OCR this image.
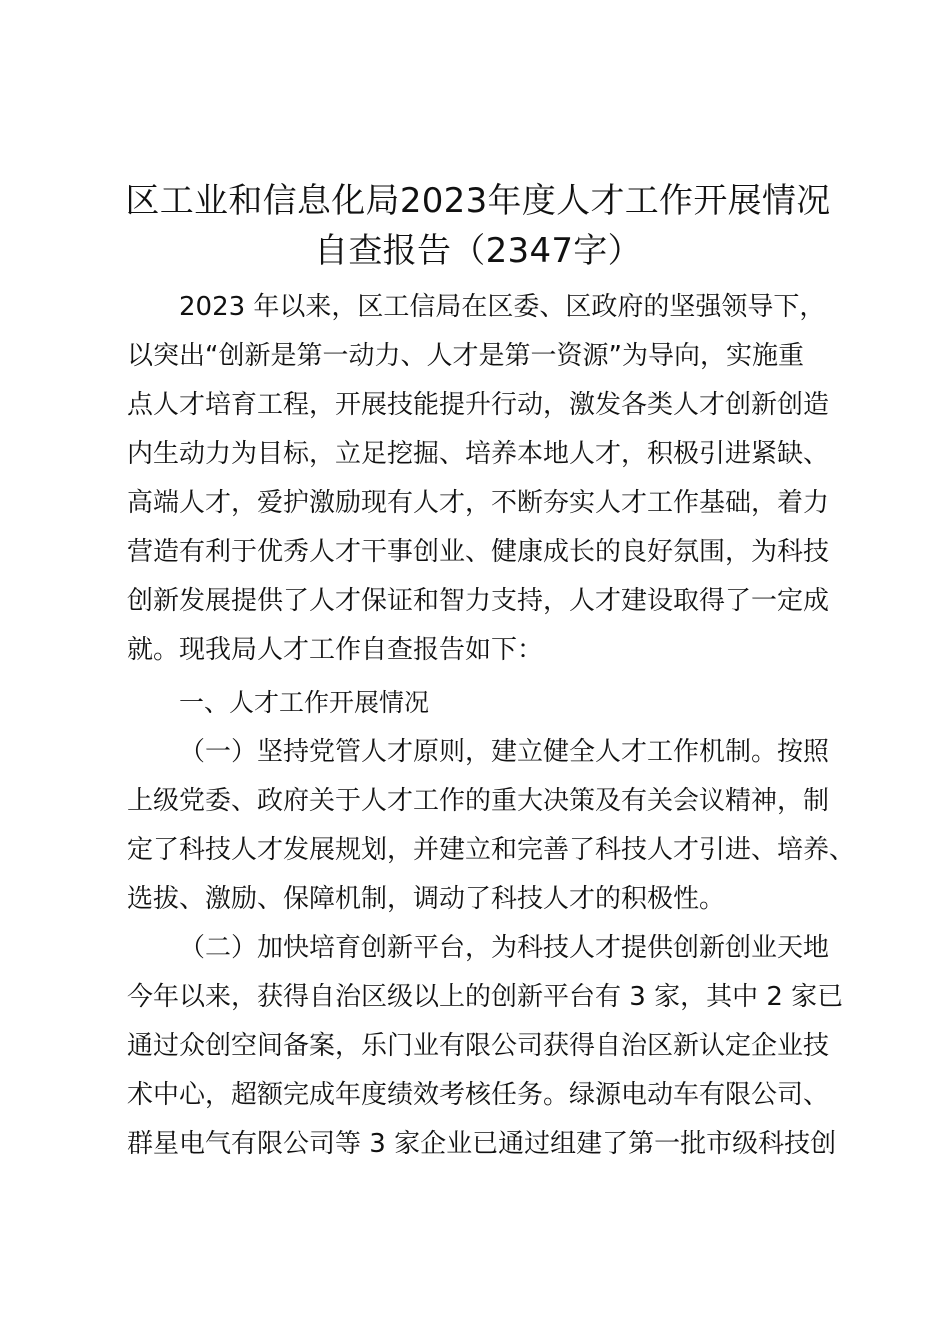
区工业和信息化局2023年度人才工作开展情况自查报告（2347字）

2023 年以来，区工信局在区委、区政府的坚强领导下，

以突出“创新是第一动力、人才是第一资源”为导向，实施重

点人才培育工程，开展技能提升行动，激发各类人才创新创造

内生动力为目标，立足挖掘、培养本地人才，积极引进紧缺、

高端人才，爱护激励现有人才，不断夯实人才工作基础，着力

营造有利于优秀人才干事创业、健康成长的良好氛围，为科技

创新发展提供了人才保证和智力支持，人才建设取得了一定成

就。现我局人才工作自查报告如下：

一、人才工作开展情况

（一）坚持党管人才原则，建立健全人才工作机制。按照

上级党委、政府关于人才工作的重大决策及有关会议精神，制

定了科技人才发展规划，并建立和完善了科技人才引进、培养、

选拔、激励、保障机制，调动了科技人才的积极性。

（二）加快培育创新平台，为科技人才提供创新创业天地

今年以来，获得自治区级以上的创新平台有 3 家，其中 2 家已

通过众创空间备案，乐门业有限公司获得自治区新认定企业技

术中心，超额完成年度绩效考核任务。绿源电动车有限公司、

群星电气有限公司等 3 家企业已通过组建了第一批市级科技创
